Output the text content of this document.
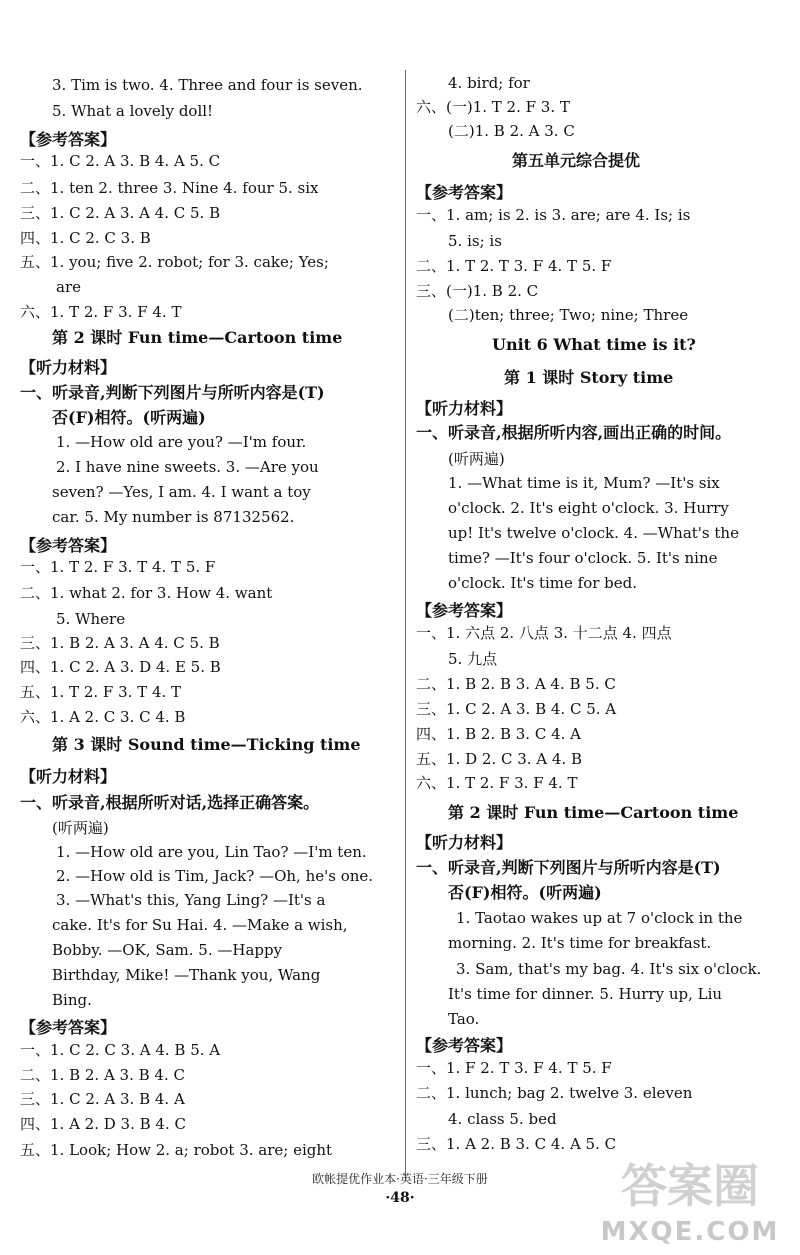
3. Tim is two. 4. Three and four is seven.
5. What a lovely doll!
【参考答案】
一、1. C 2. A 3. B 4. A 5. C
二、1. ten 2. three 3. Nine 4. four 5. six
三、1. C 2. A 3. A 4. C 5. B
四、1. C 2. C 3. B
五、1. you; five 2. robot; for 3. cake; Yes;
are
六、1. T 2. F 3. F 4. T
第 2 课时 Fun time—Cartoon time
【听力材料】
一、听录音,判断下列图片与所听内容是(T)
否(F)相符。(听两遍)
1. —How old are you? —I'm four.
2. I have nine sweets. 3. —Are you
seven? —Yes, I am. 4. I want a toy
car. 5. My number is 87132562.
【参考答案】
一、1. T 2. F 3. T 4. T 5. F
二、1. what 2. for 3. How 4. want
5. Where
三、1. B 2. A 3. A 4. C 5. B
四、1. C 2. A 3. D 4. E 5. B
五、1. T 2. F 3. T 4. T
六、1. A 2. C 3. C 4. B
第 3 课时 Sound time—Ticking time
【听力材料】
一、听录音,根据所听对话,选择正确答案。
(听两遍)
1. —How old are you, Lin Tao? —I'm ten.
2. —How old is Tim, Jack? —Oh, he's one.
3. —What's this, Yang Ling? —It's a
cake. It's for Su Hai. 4. —Make a wish,
Bobby. —OK, Sam. 5. —Happy
Birthday, Mike! —Thank you, Wang
Bing.
【参考答案】
一、1. C 2. C 3. A 4. B 5. A
二、1. B 2. A 3. B 4. C
三、1. C 2. A 3. B 4. A
四、1. A 2. D 3. B 4. C
五、1. Look; How 2. a; robot 3. are; eight
4. bird; for
六、(一)1. T 2. F 3. T
(二)1. B 2. A 3. C
第五单元综合提优
【参考答案】
一、1. am; is 2. is 3. are; are 4. Is; is
5. is; is
二、1. T 2. T 3. F 4. T 5. F
三、(一)1. B 2. C
(二)ten; three; Two; nine; Three
Unit 6 What time is it?
第 1 课时 Story time
【听力材料】
一、听录音,根据所听内容,画出正确的时间。
(听两遍)
1. —What time is it, Mum? —It's six
o'clock. 2. It's eight o'clock. 3. Hurry
up! It's twelve o'clock. 4. —What's the
time? —It's four o'clock. 5. It's nine
o'clock. It's time for bed.
【参考答案】
一、1. 六点 2. 八点 3. 十二点 4. 四点
5. 九点
二、1. B 2. B 3. A 4. B 5. C
三、1. C 2. A 3. B 4. C 5. A
四、1. B 2. B 3. C 4. A
五、1. D 2. C 3. A 4. B
六、1. T 2. F 3. F 4. T
第 2 课时 Fun time—Cartoon time
【听力材料】
一、听录音,判断下列图片与所听内容是(T)
否(F)相符。(听两遍)
1. Taotao wakes up at 7 o'clock in the
morning. 2. It's time for breakfast.
3. Sam, that's my bag. 4. It's six o'clock.
It's time for dinner. 5. Hurry up, Liu
Tao.
【参考答案】
一、1. F 2. T 3. F 4. T 5. F
二、1. lunch; bag 2. twelve 3. eleven
4. class 5. bed
三、1. A 2. B 3. C 4. A 5. C
欧帐提优作业本·英语·三年级下册
·48·	答案圈
MXQE.COM
